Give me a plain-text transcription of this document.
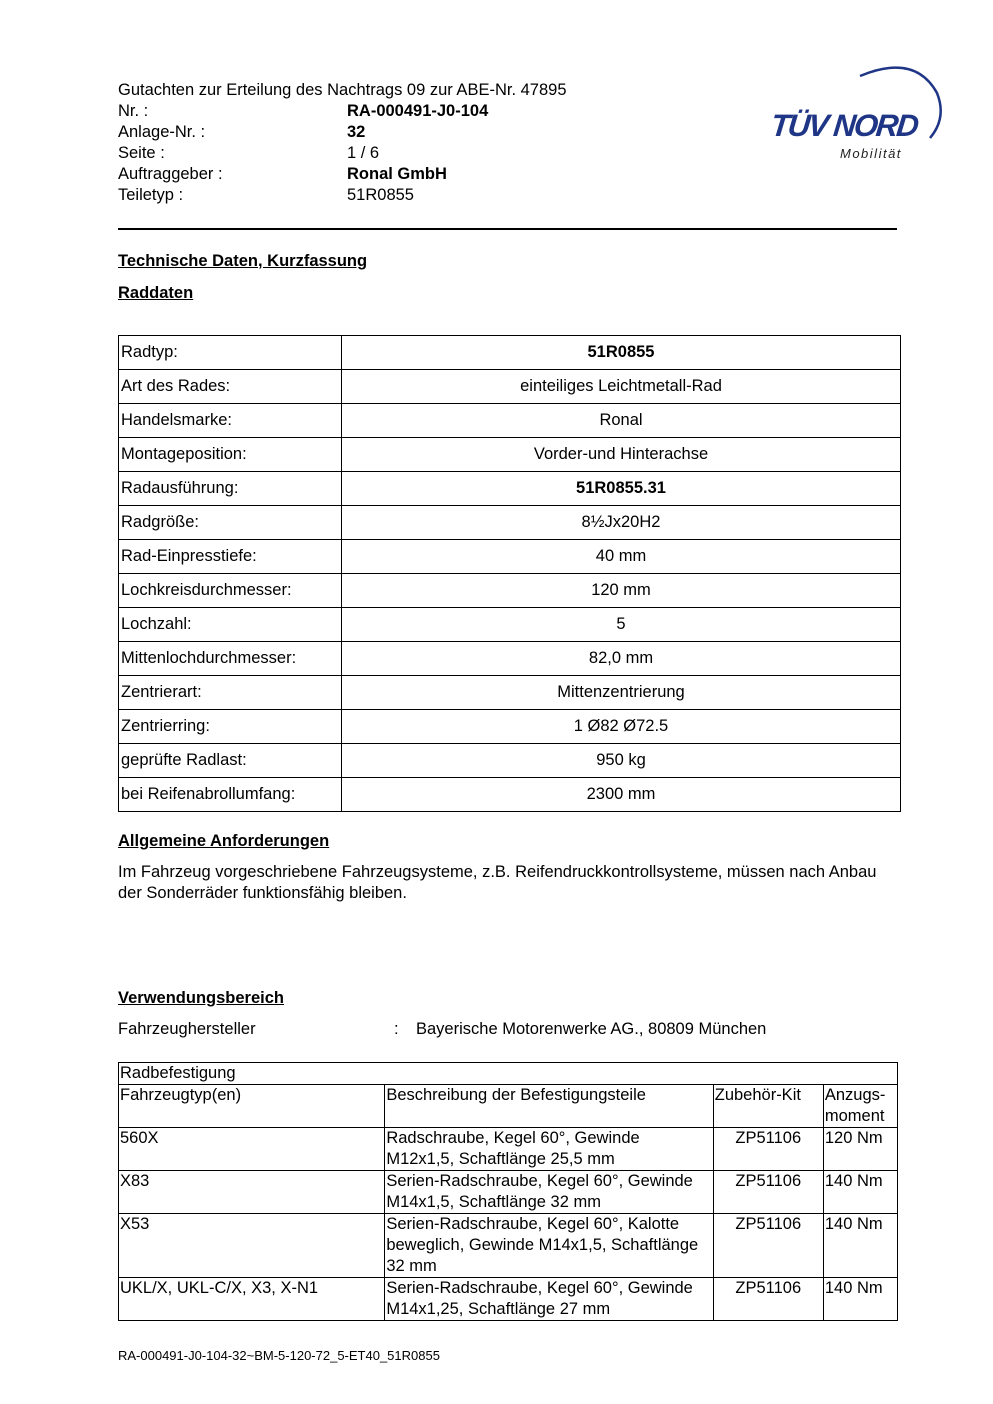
Gutachten zur Erteilung des Nachtrags 09 zur ABE-Nr. 47895
Nr. :	RA-000491-J0-104
Anlage-Nr. :	32
Seite :	1 / 6
Auftraggeber :	Ronal GmbH
Teiletyp :	51R0855
TÜV NORD
Mobilität
Technische Daten, Kurzfassung
Raddaten
Radtyp:	51R0855
Art des Rades:	einteiliges Leichtmetall-Rad
Handelsmarke:	Ronal
Montageposition:	Vorder-und Hinterachse
Radausführung:	51R0855.31
Radgröße:	8½Jx20H2
Rad-Einpresstiefe:	40 mm
Lochkreisdurchmesser:	120 mm
Lochzahl:	5
Mittenlochdurchmesser:	82,0 mm
Zentrierart:	Mittenzentrierung
Zentrierring:	1 Ø82 Ø72.5
geprüfte Radlast:	950 kg
bei Reifenabrollumfang:	2300 mm
Allgemeine Anforderungen
Im Fahrzeug vorgeschriebene Fahrzeugsysteme, z.B. Reifendruckkontrollsysteme, müssen nach Anbau der Sonderräder funktionsfähig bleiben.
Verwendungsbereich
Fahrzeughersteller	:	Bayerische Motorenwerke AG., 80809 München
Radbefestigung			
Fahrzeugtyp(en)	Beschreibung der Befestigungsteile	Zubehör-Kit	Anzugs-
moment
560X	Radschraube, Kegel 60°, Gewinde M12x1,5, Schaftlänge 25,5 mm	ZP51106	120 Nm
X83	Serien-Radschraube, Kegel 60°, Gewinde M14x1,5, Schaftlänge 32 mm	ZP51106	140 Nm
X53	Serien-Radschraube, Kegel 60°, Kalotte beweglich, Gewinde M14x1,5, Schaftlänge 32 mm	ZP51106	140 Nm
UKL/X, UKL-C/X, X3, X-N1	Serien-Radschraube, Kegel 60°, Gewinde M14x1,25, Schaftlänge 27 mm	ZP51106	140 Nm
RA-000491-J0-104-32~BM-5-120-72_5-ET40_51R0855
